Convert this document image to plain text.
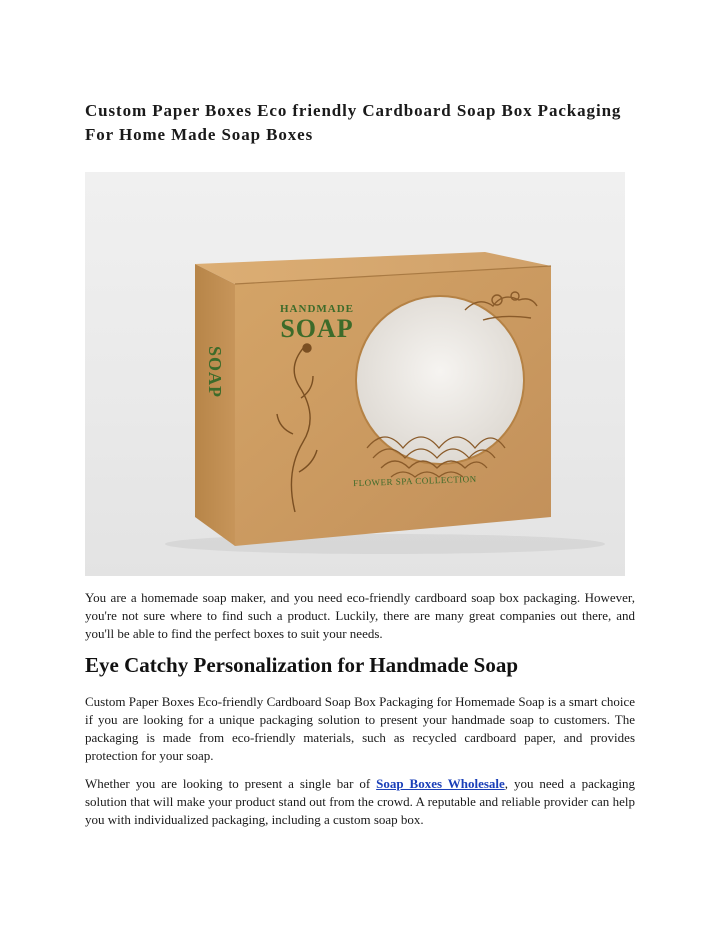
Custom Paper Boxes Eco friendly Cardboard Soap Box Packaging For Home Made Soap Boxes
HANDMADE
SOAP
SOAP
FLOWER SPA COLLECTION

You are a homemade soap maker, and you need eco-friendly cardboard soap box packaging. However, you're not sure where to find such a product. Luckily, there are many great companies out there, and you'll be able to find the perfect boxes to suit your needs.

Eye Catchy Personalization for Handmade Soap

Custom Paper Boxes Eco-friendly Cardboard Soap Box Packaging for Homemade Soap is a smart choice if you are looking for a unique packaging solution to present your handmade soap to customers. The packaging is made from eco-friendly materials, such as recycled cardboard paper, and provides protection for your soap.

Whether you are looking to present a single bar of Soap Boxes Wholesale, you need a packaging solution that will make your product stand out from the crowd. A reputable and reliable provider can help you with individualized packaging, including a custom soap box.
